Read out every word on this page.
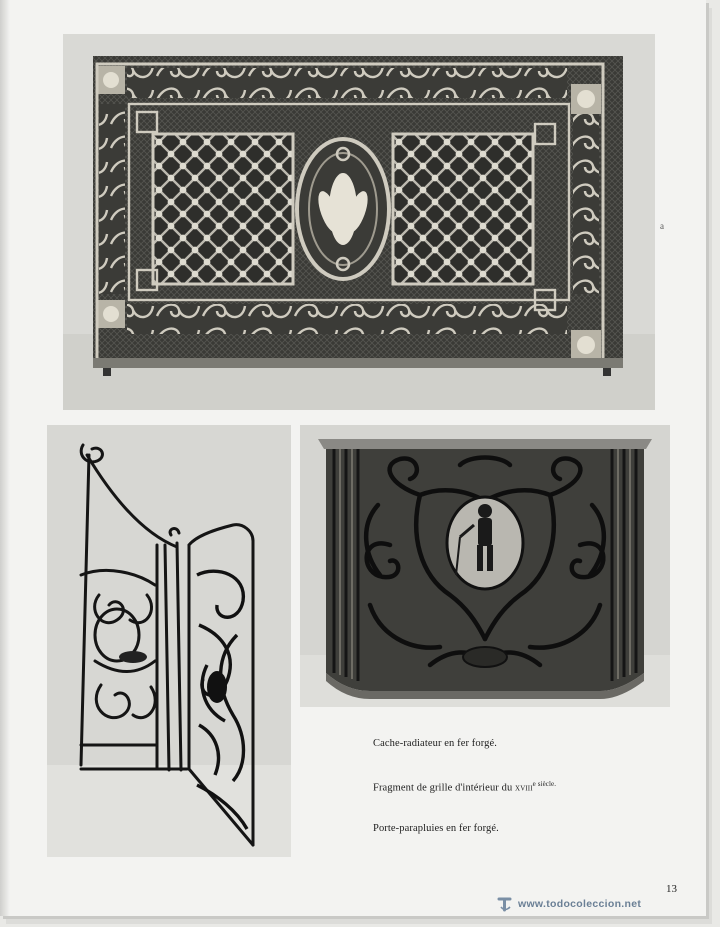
a

Cache-radiateur en fer forgé.

Fragment de grille d'intérieur du xviii$^{e siècle.}$

Porte-parapluies en fer forgé.

13
www.todocoleccion.net
